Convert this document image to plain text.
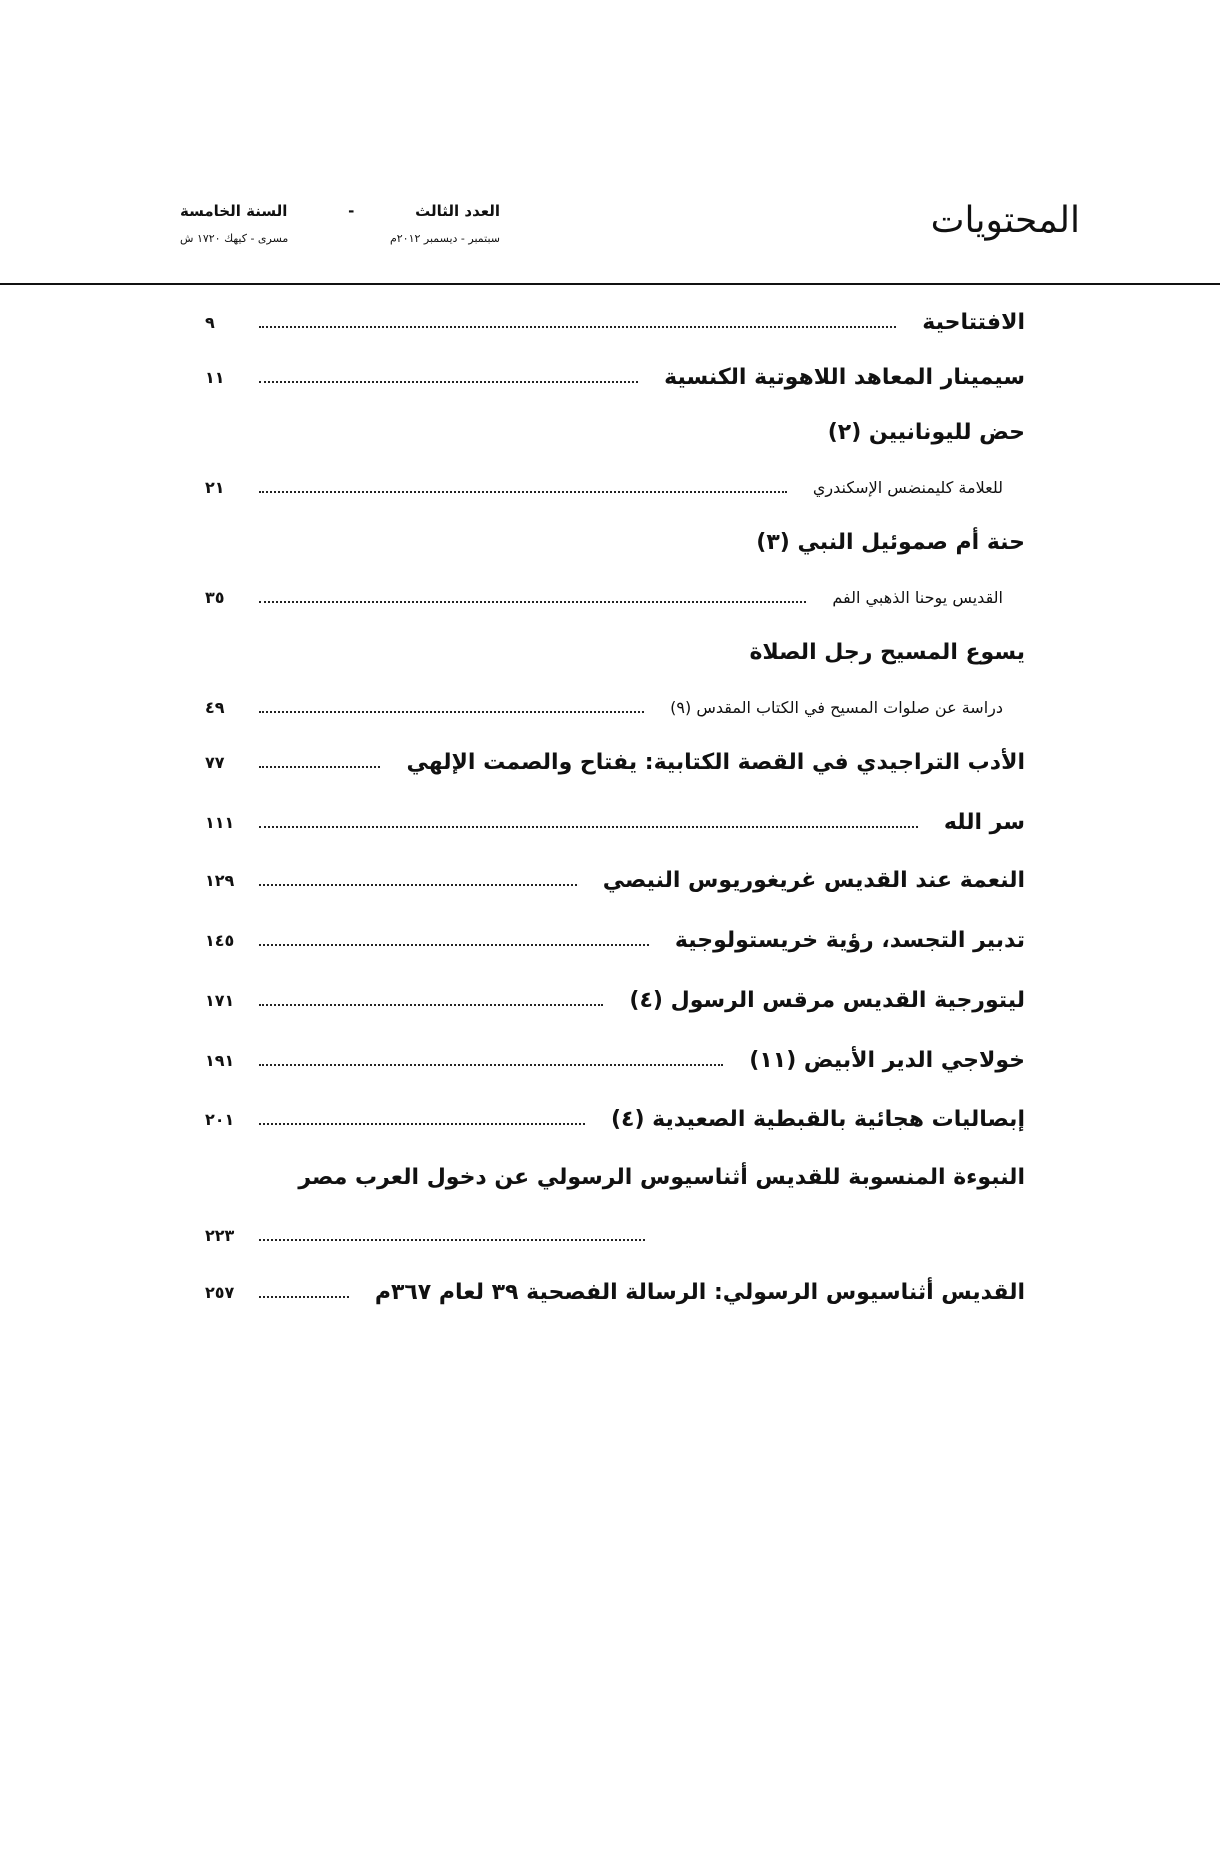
المحتويات
العدد الثالث
-
السنة الخامسة
سبتمبر - ديسمبر ٢٠١٢م
مسرى - كيهك ١٧٢٠ ش
الافتتاحية
٩
سيمينار المعاهد اللاهوتية الكنسية
١١
حض لليونانيين (٢)
للعلامة كليمنضس الإسكندري
٢١
حنة أم صموئيل النبي (٣)
القديس يوحنا الذهبي الفم
٣٥
يسوع المسيح رجل الصلاة
دراسة عن صلوات المسيح في الكتاب المقدس (٩)
٤٩
الأدب التراجيدي في القصة الكتابية: يفتاح والصمت الإلهي
٧٧
سر الله
١١١
النعمة عند القديس غريغوريوس النيصي
١٢٩
تدبير التجسد، رؤية خريستولوجية
١٤٥
ليتورجية القديس مرقس الرسول (٤)
١٧١
خولاجي الدير الأبيض (١١)
١٩١
إبصاليات هجائية بالقبطية الصعيدية (٤)
٢٠١
النبوءة المنسوبة للقديس أثناسيوس الرسولي عن دخول العرب مصر
٢٢٣
القديس أثناسيوس الرسولي: الرسالة الفصحية ٣٩ لعام ٣٦٧م
٢٥٧
